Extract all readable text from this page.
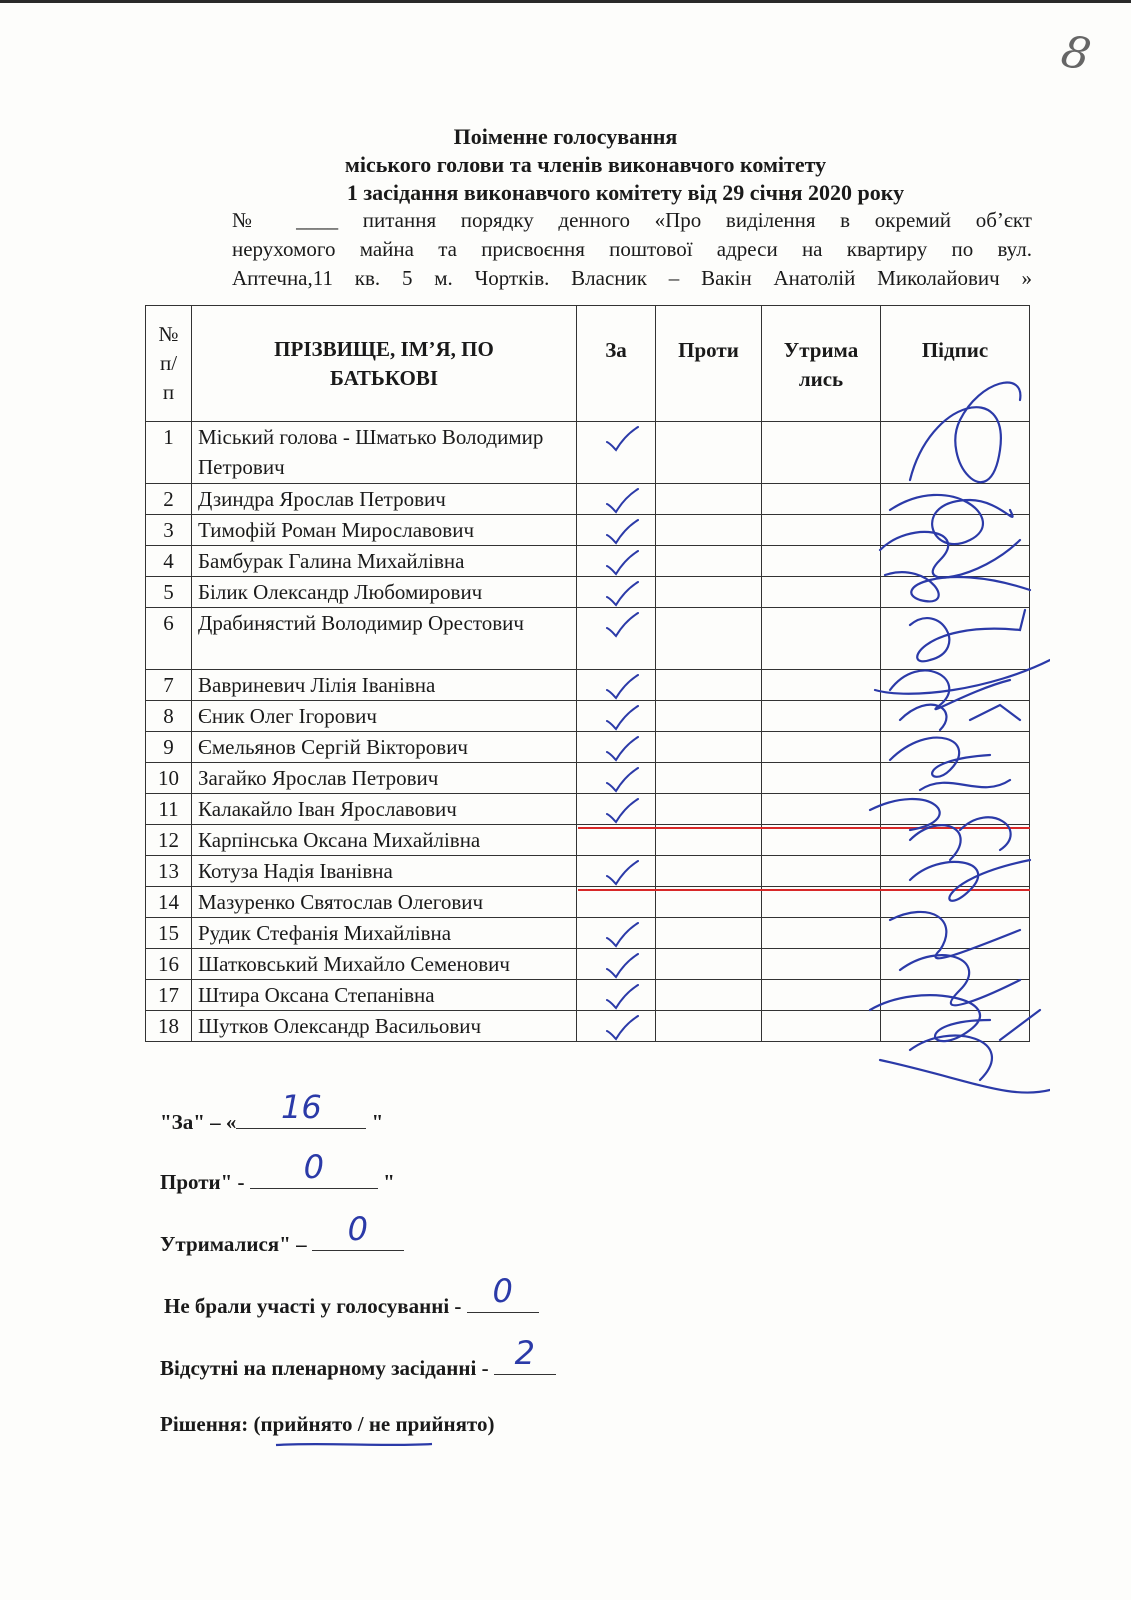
8
Поіменне голосування
міського голови та членів виконавчого комітету
1 засідання виконавчого комітету від 29 січня 2020 року
№ ____ питання порядку денного «Про виділення в окремий об’єкт
нерухомого майна та присвоєння поштової адреси на квартиру по вул.
Аптечна,11 кв. 5 м. Чортків. Власник – Вакін Анатолій Миколайович »
№ п/ п	ПРІЗВИЩЕ, ІМ’Я, ПО БАТЬКОВІ	За	Проти	Утрима лись	Підпис
1	Міський голова - Шматько Володимир Петрович	

2	Дзиндра Ярослав Петрович	

3	Тимофій Роман Мирославович	

4	Бамбурак Галина Михайлівна	

5	Білик Олександр Любомирович	

6	Драбинястий Володимир Орестович	

7	Вавриневич Лілія Іванівна	

8	Єник Олег Ігорович	

9	Ємельянов Сергій Вікторович	

10	Загайко Ярослав Петрович	

11	Калакайло Іван Ярославович	

12	Карпінська Оксана Михайлівна				
13	Котуза Надія Іванівна	

14	Мазуренко Святослав Олегович				
15	Рудик Стефанія Михайлівна	

16	Шатковський Михайло Семенович	

17	Штира Оксана Степанівна	

18	Шутков Олександр Васильович	

"За" – « 16 "
Проти" - 0	"
Утрималися" – 0
Не брали участі у голосуванні - 0
Відсутні на пленарному засіданні - 2
Рішення: (прийнято / не прийнято)
